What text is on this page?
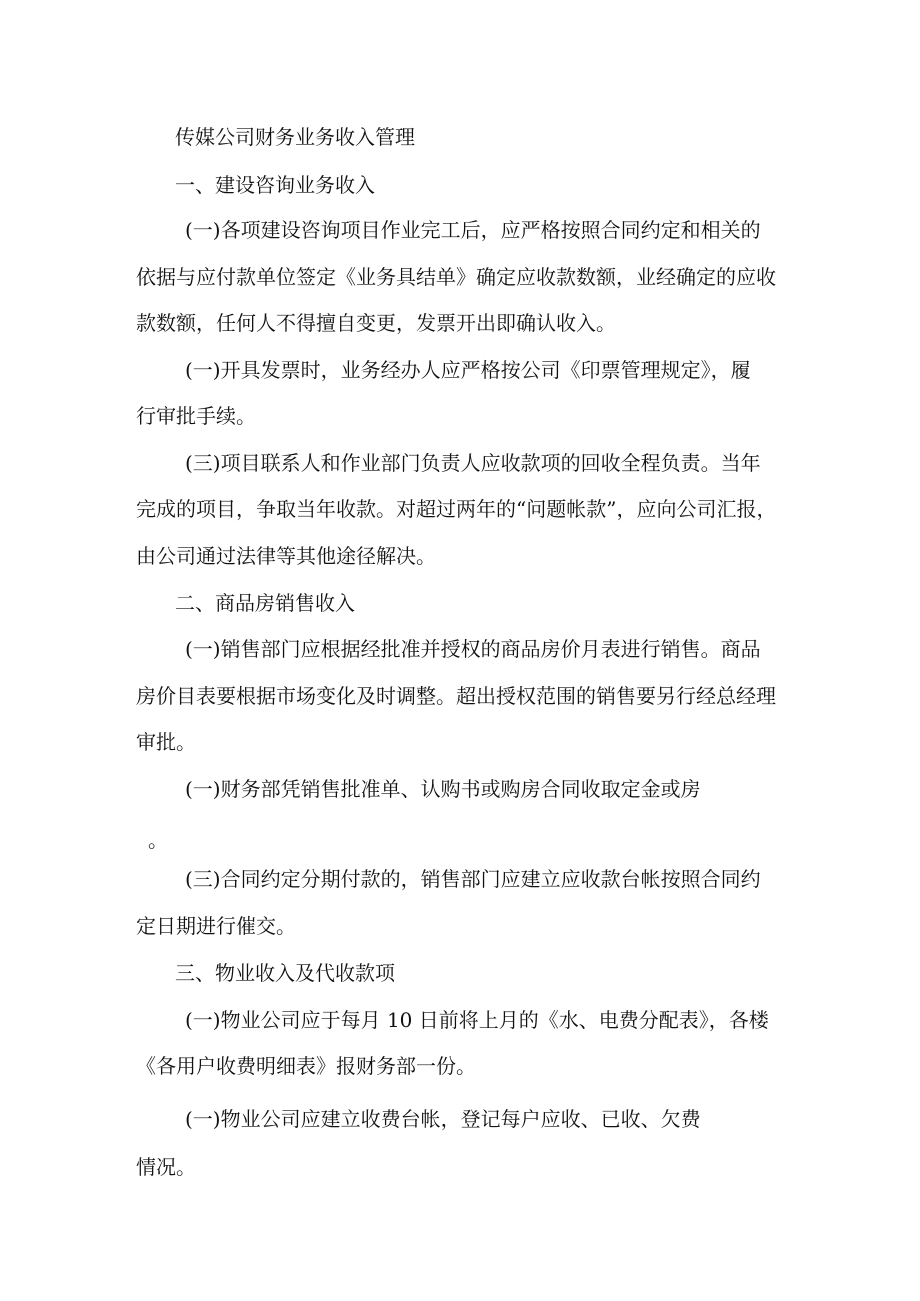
传媒公司财务业务收入管理

一、建设咨询业务收入

(一)各项建设咨询项目作业完工后，应严格按照合同约定和相关的

依据与应付款单位签定《业务具结单》确定应收款数额，业经确定的应收

款数额，任何人不得擅自变更，发票开出即确认收入。

(一)开具发票时，业务经办人应严格按公司《印票管理规定》，履

行审批手续。

(三)项目联系人和作业部门负责人应收款项的回收全程负责。当年

完成的项目，争取当年收款。对超过两年的“问题帐款”，应向公司汇报，

由公司通过法律等其他途径解决。

二、商品房销售收入

(一)销售部门应根据经批准并授权的商品房价月表进行销售。商品

房价目表要根据市场变化及时调整。超出授权范围的销售要另行经总经理

审批。

(一)财务部凭销售批准单、认购书或购房合同收取定金或房

。

(三)合同约定分期付款的，销售部门应建立应收款台帐按照合同约

定日期进行催交。

三、物业收入及代收款项

(一)物业公司应于每月 10 日前将上月的《水、电费分配表》，各楼

《各用户收费明细表》报财务部一份。

(一)物业公司应建立收费台帐，登记每户应收、已收、欠费

情况。
